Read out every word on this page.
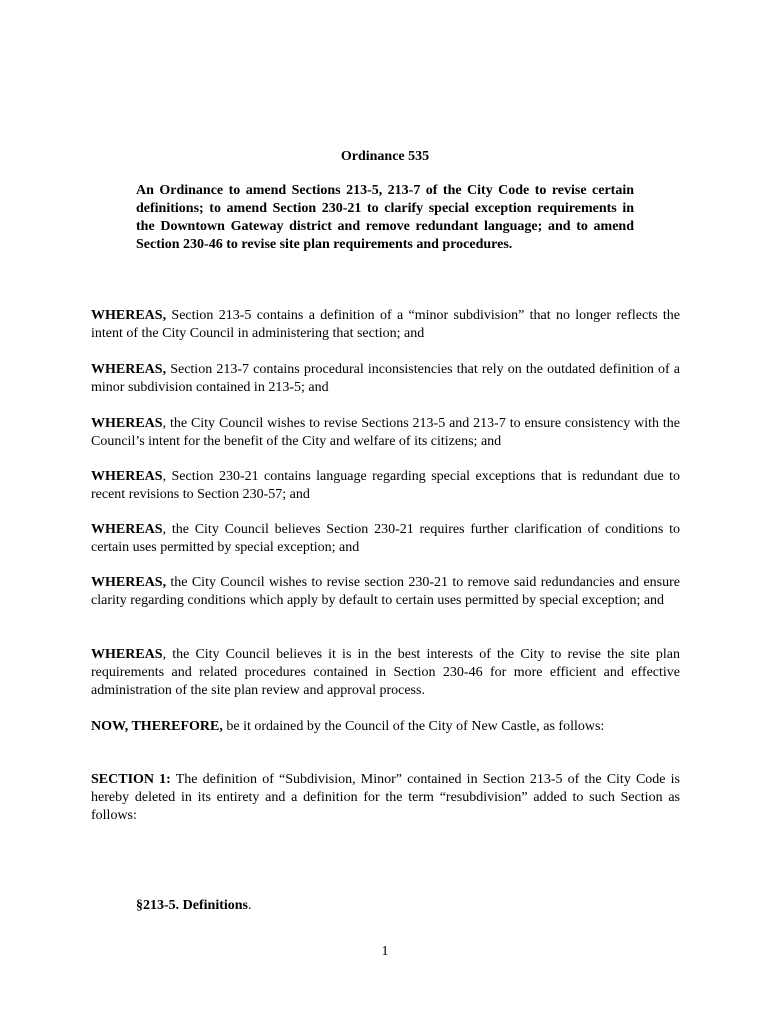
Ordinance 535
An Ordinance to amend Sections 213-5, 213-7 of the City Code to revise certain definitions; to amend Section 230-21 to clarify special exception requirements in the Downtown Gateway district and remove redundant language; and to amend Section 230-46 to revise site plan requirements and procedures.

WHEREAS, Section 213-5 contains a definition of a “minor subdivision” that no longer reflects the intent of the City Council in administering that section; and

WHEREAS, Section 213-7 contains procedural inconsistencies that rely on the outdated definition of a minor subdivision contained in 213-5; and

WHEREAS, the City Council wishes to revise Sections 213-5 and 213-7 to ensure consistency with the Council’s intent for the benefit of the City and welfare of its citizens; and

WHEREAS, Section 230-21 contains language regarding special exceptions that is redundant due to recent revisions to Section 230-57; and

WHEREAS, the City Council believes Section 230-21 requires further clarification of conditions to certain uses permitted by special exception; and

WHEREAS, the City Council wishes to revise section 230-21 to remove said redundancies and ensure clarity regarding conditions which apply by default to certain uses permitted by special exception; and

WHEREAS, the City Council believes it is in the best interests of the City to revise the site plan requirements and related procedures contained in Section 230-46 for more efficient and effective administration of the site plan review and approval process.

NOW, THEREFORE, be it ordained by the Council of the City of New Castle, as follows:

SECTION 1: The definition of “Subdivision, Minor” contained in Section 213-5 of the City Code is hereby deleted in its entirety and a definition for the term “resubdivision” added to such Section as follows:

§213-5. Definitions.
1
